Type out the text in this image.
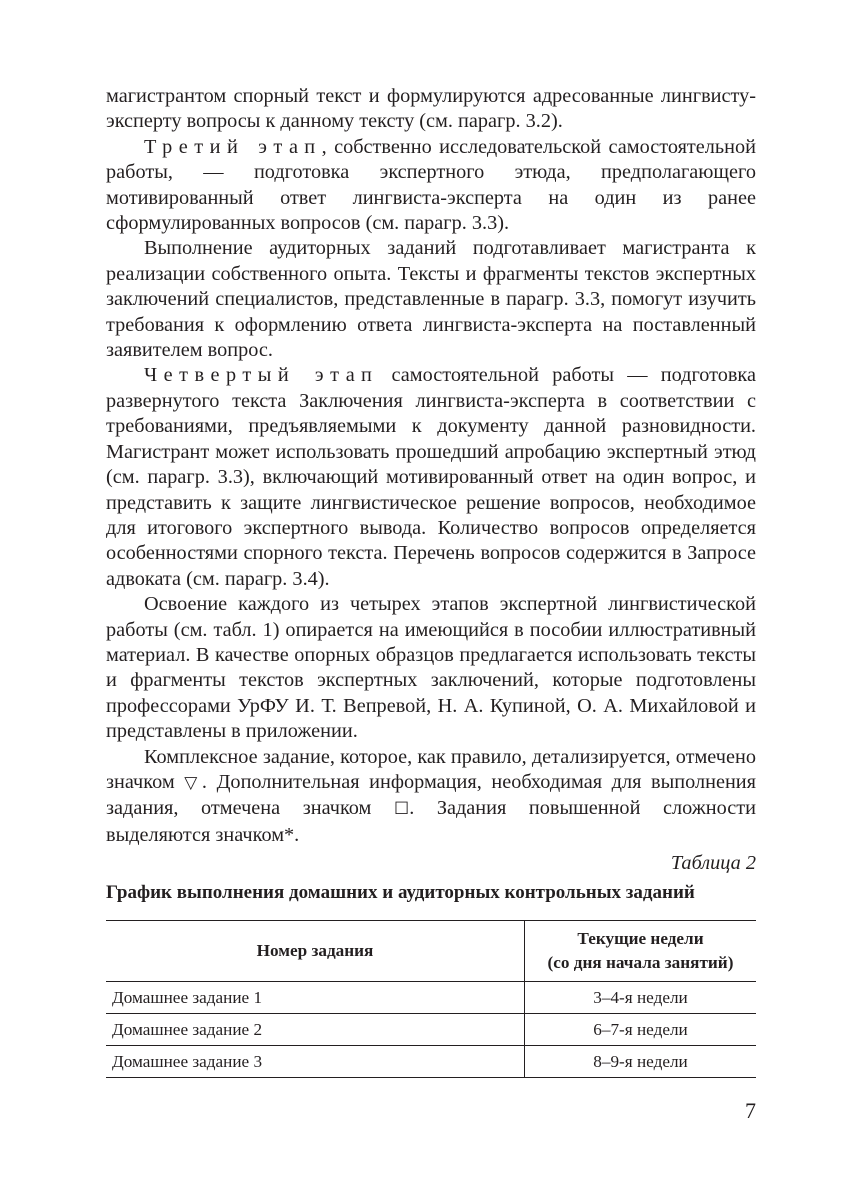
магистрантом спорный текст и формулируются адресованные лингвисту-эксперту вопросы к данному тексту (см. парагр. 3.2).

Третий этап, собственно исследовательской самостоятельной работы, — подготовка экспертного этюда, предполагающего мотивированный ответ лингвиста-эксперта на один из ранее сформулированных вопросов (см. парагр. 3.3).

Выполнение аудиторных заданий подготавливает магистранта к реализации собственного опыта. Тексты и фрагменты текстов экспертных заключений специалистов, представленные в парагр. 3.3, помогут изучить требования к оформлению ответа лингвиста-эксперта на поставленный заявителем вопрос.

Четвертый этап самостоятельной работы — подготовка развернутого текста Заключения лингвиста-эксперта в соответствии с требованиями, предъявляемыми к документу данной разновидности. Магистрант может использовать прошедший апробацию экспертный этюд (см. парагр. 3.3), включающий мотивированный ответ на один вопрос, и представить к защите лингвистическое решение вопросов, необходимое для итогового экспертного вывода. Количество вопросов определяется особенностями спорного текста. Перечень вопросов содержится в Запросе адвоката (см. парагр. 3.4).

Освоение каждого из четырех этапов экспертной лингвистической работы (см. табл. 1) опирается на имеющийся в пособии иллюстративный материал. В качестве опорных образцов предлагается использовать тексты и фрагменты текстов экспертных заключений, которые подготовлены профессорами УрФУ И. Т. Вепревой, Н. А. Купиной, О. А. Михайловой и представлены в приложении.

Комплексное задание, которое, как правило, детализируется, отмечено значком ▽. Дополнительная информация, необходимая для выполнения задания, отмечена значком ☐. Задания повышенной сложности выделяются значком*.

Таблица 2
График выполнения домашних и аудиторных контрольных заданий
Номер задания	Текущие недели
(со дня начала занятий)
Домашнее задание 1	3–4-я недели
Домашнее задание 2	6–7-я недели
Домашнее задание 3	8–9-я недели
7
